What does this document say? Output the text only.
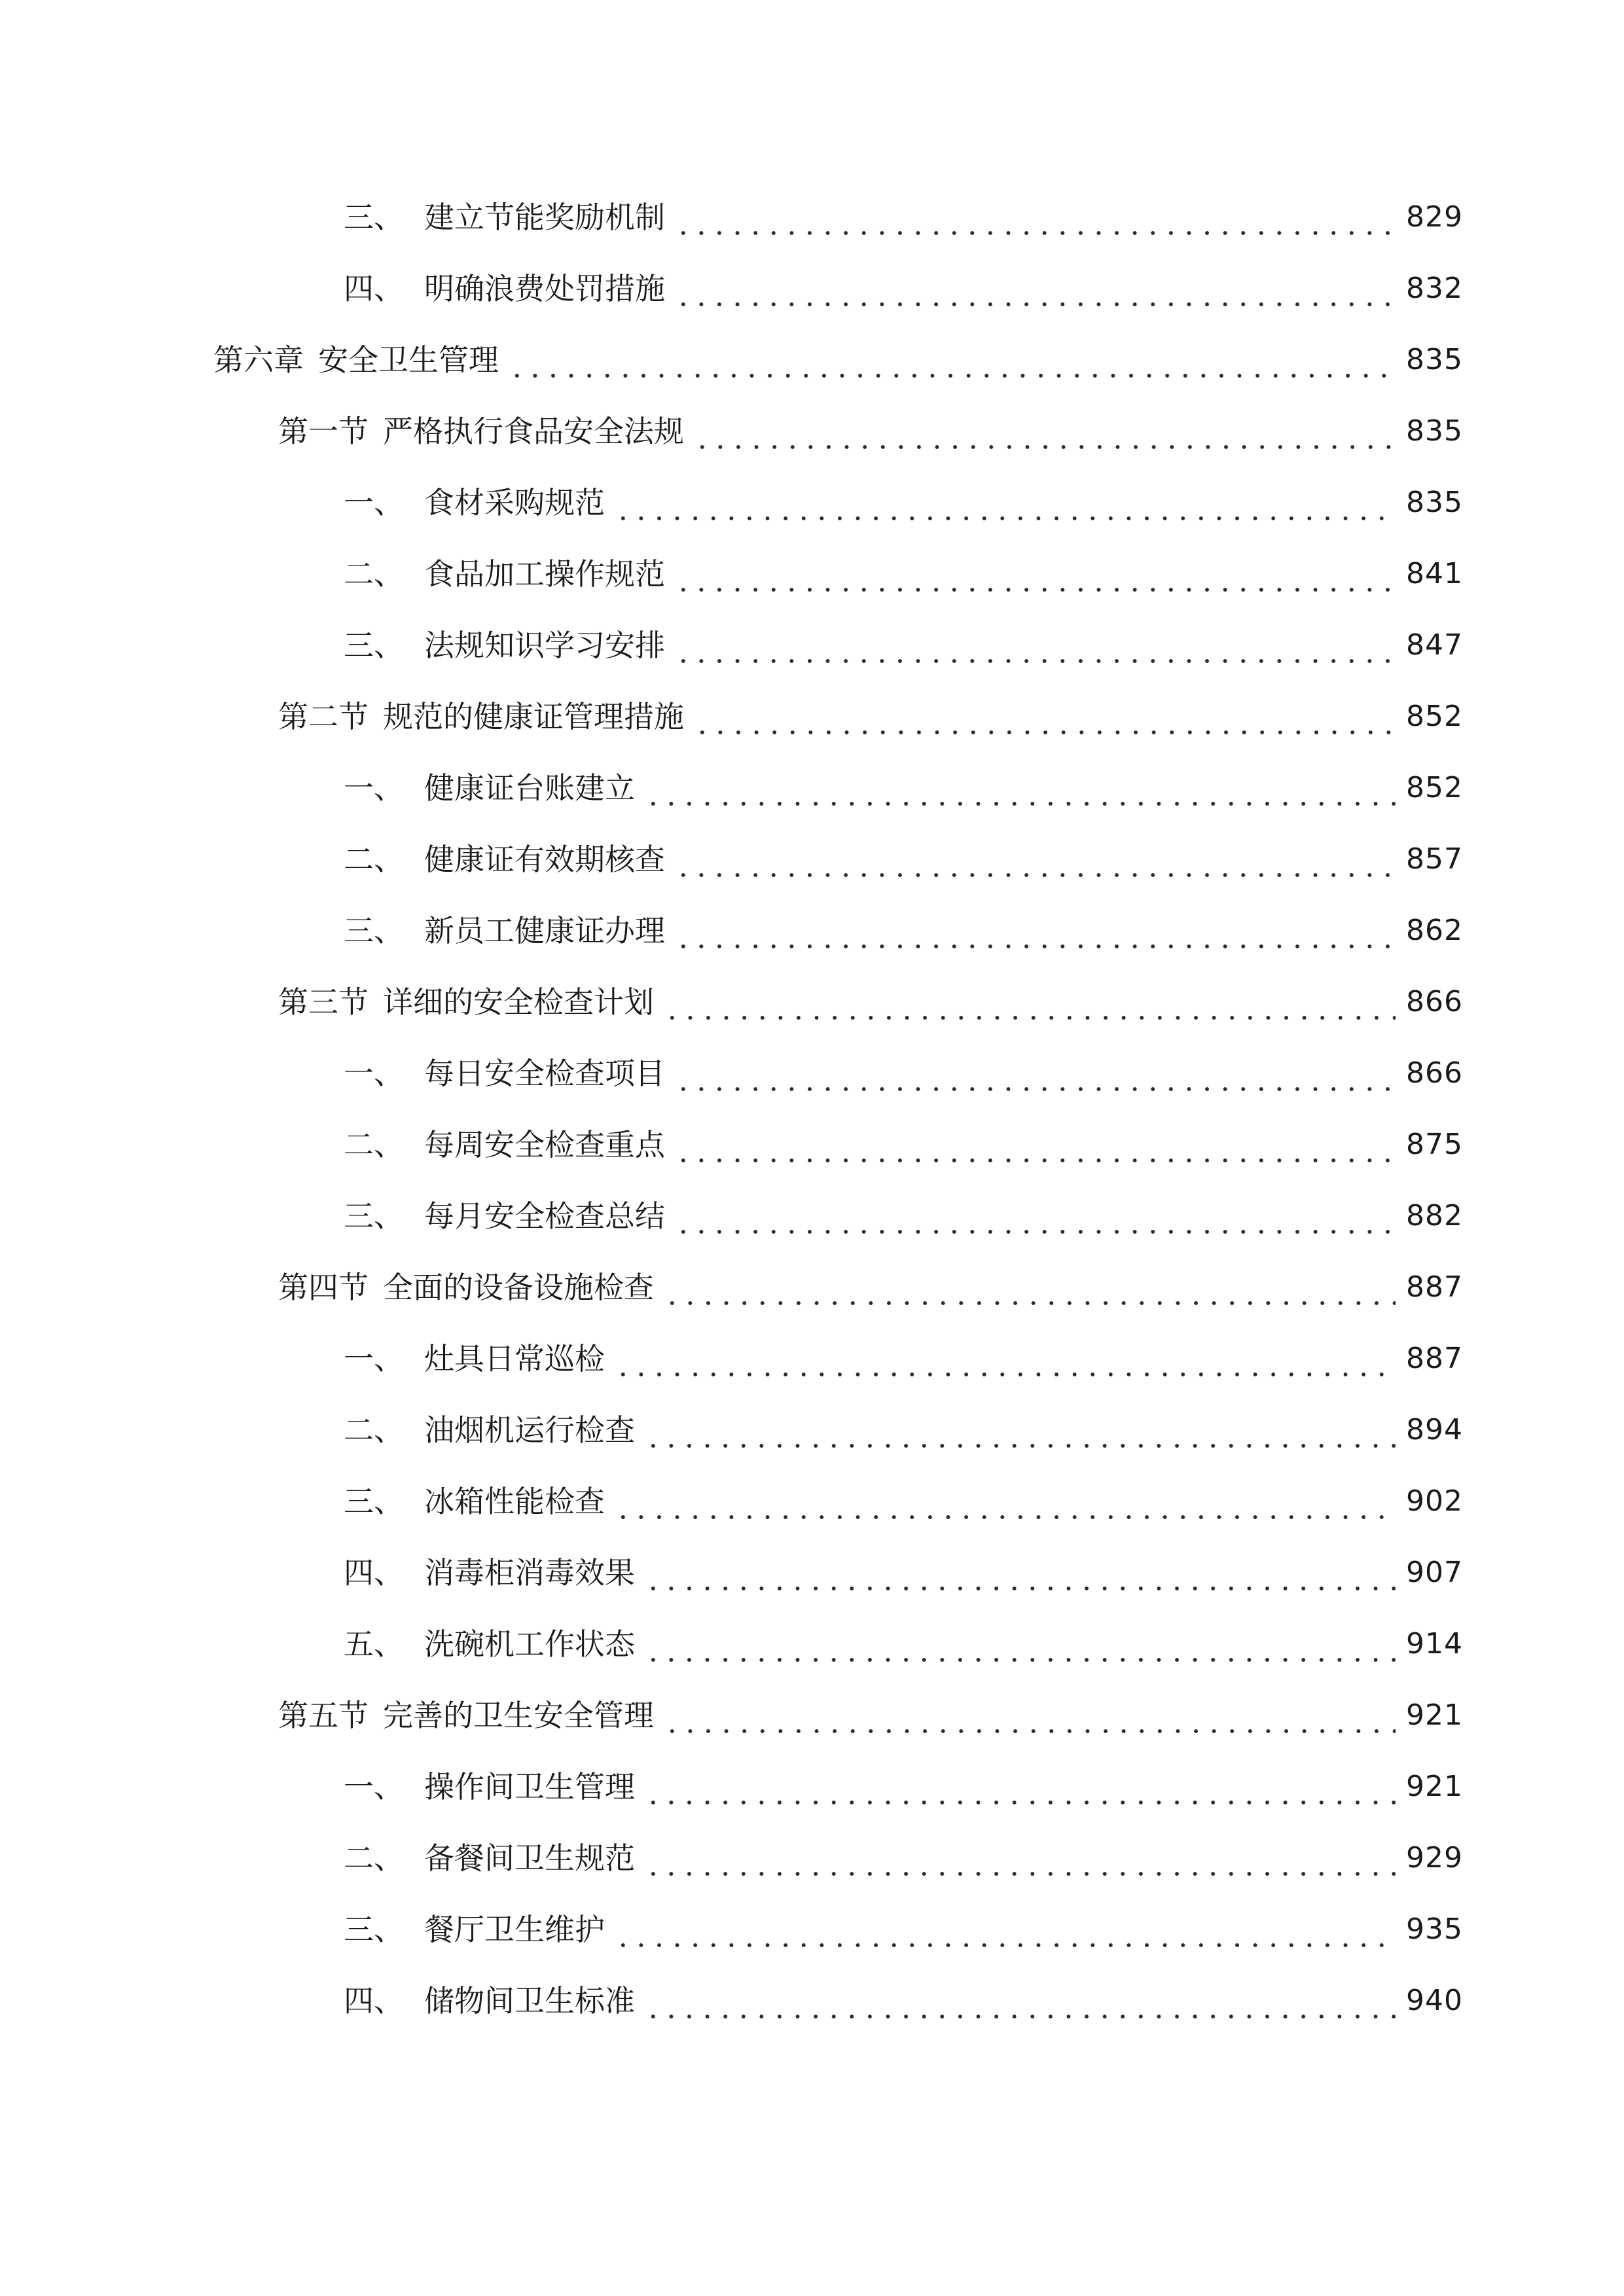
三、 建立节能奖励机制	829
四、 明确浪费处罚措施	832
第六章 安全卫生管理	835
第一节 严格执行食品安全法规	835
一、 食材采购规范	835
二、 食品加工操作规范	841
三、 法规知识学习安排	847
第二节 规范的健康证管理措施	852
一、 健康证台账建立	852
二、 健康证有效期核查	857
三、 新员工健康证办理	862
第三节 详细的安全检查计划	866
一、 每日安全检查项目	866
二、 每周安全检查重点	875
三、 每月安全检查总结	882
第四节 全面的设备设施检查	887
一、 灶具日常巡检	887
二、 油烟机运行检查	894
三、 冰箱性能检查	902
四、 消毒柜消毒效果	907
五、 洗碗机工作状态	914
第五节 完善的卫生安全管理	921
一、 操作间卫生管理	921
二、 备餐间卫生规范	929
三、 餐厅卫生维护	935
四、 储物间卫生标准	940
